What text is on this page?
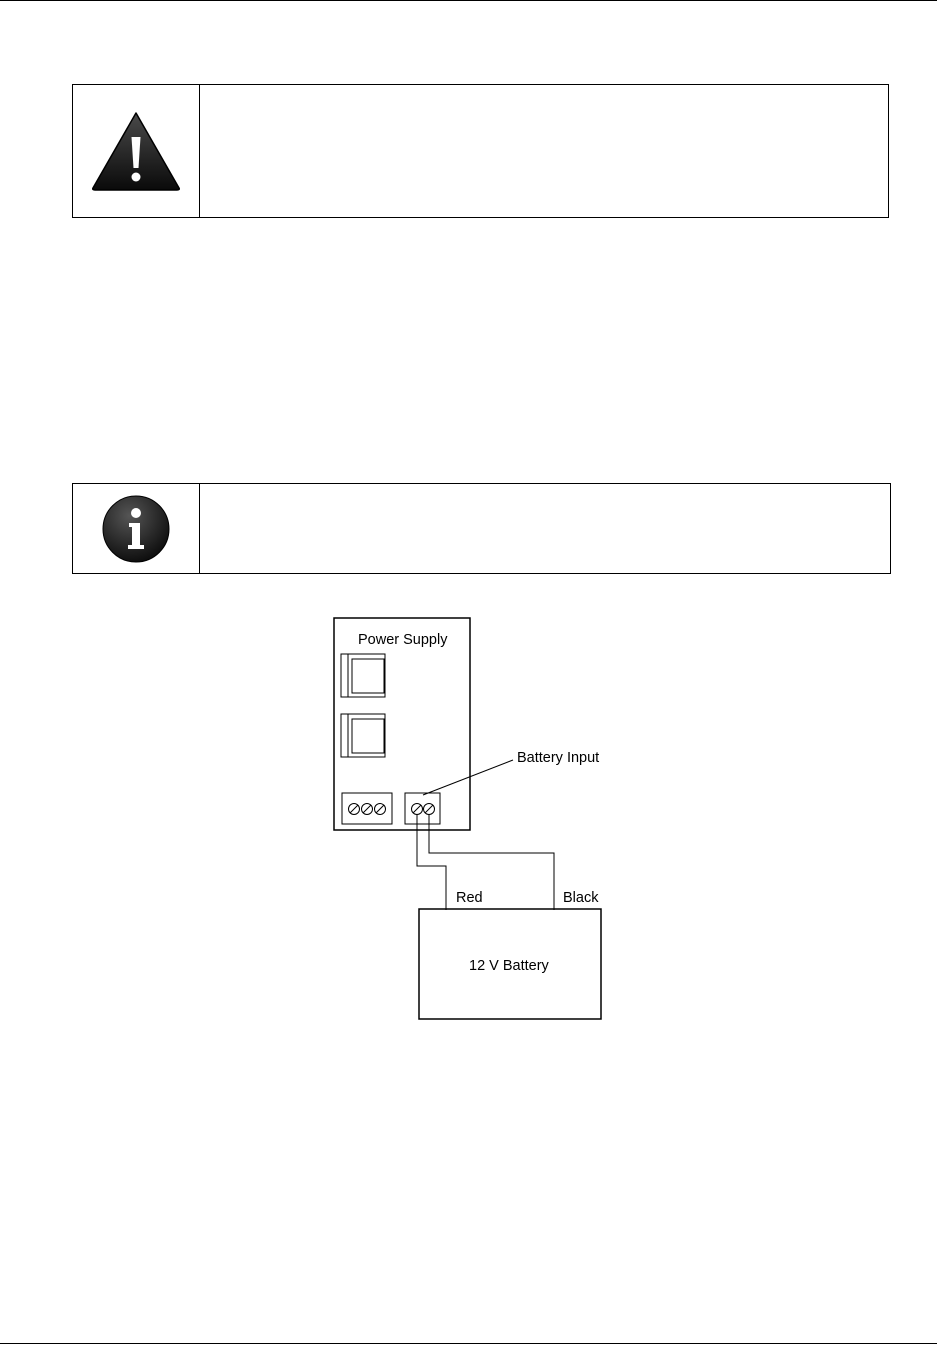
Power Supply
Battery Input
Red	Black
12 V Battery
